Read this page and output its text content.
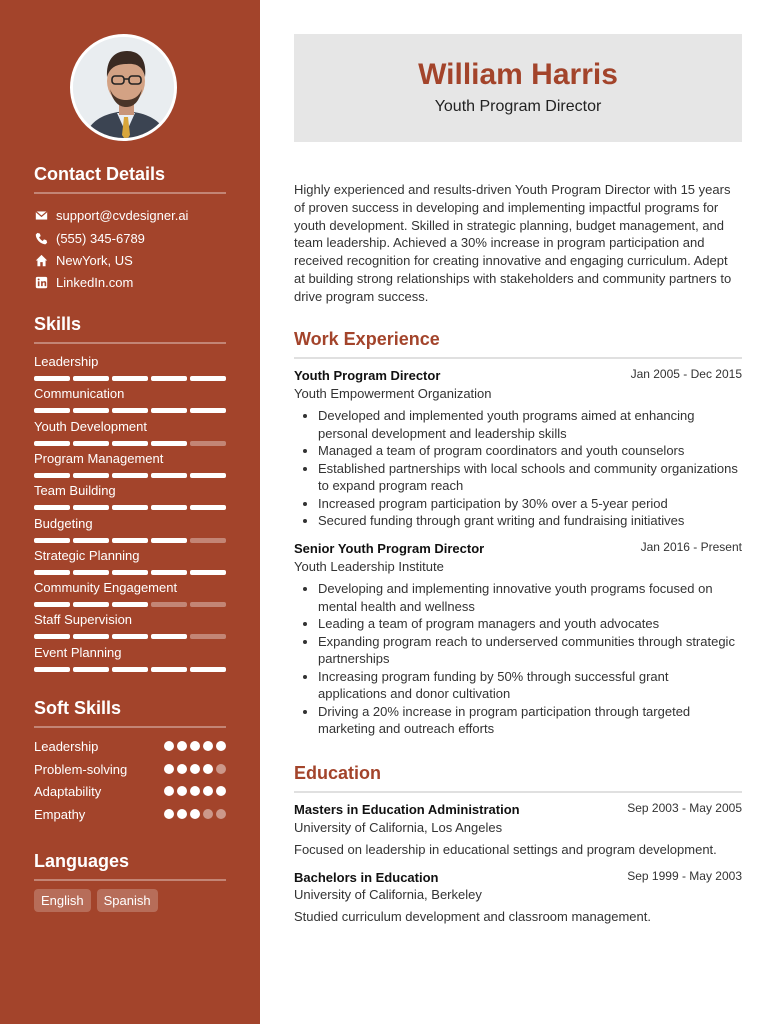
Contact Details
support@cvdesigner.ai
(555) 345-6789
NewYork, US
LinkedIn.com
Skills
Leadership
Communication
Youth Development
Program Management
Team Building
Budgeting
Strategic Planning
Community Engagement
Staff Supervision
Event Planning
Soft Skills
Leadership
Problem-solving
Adaptability
Empathy
Languages
English	Spanish
William Harris
Youth Program Director
Highly experienced and results-driven Youth Program Director with 15 years of proven success in developing and implementing impactful programs for youth development. Skilled in strategic planning, budget management, and team leadership. Achieved a 30% increase in program participation and received recognition for creating innovative and engaging curriculum. Adept at building strong relationships with stakeholders and community partners to drive program success.
Work Experience
Youth Program Director	Jan 2005 - Dec 2015
Youth Empowerment Organization
• Developed and implemented youth programs aimed at enhancing personal development and leadership skills
• Managed a team of program coordinators and youth counselors
• Established partnerships with local schools and community organizations to expand program reach
• Increased program participation by 30% over a 5-year period
• Secured funding through grant writing and fundraising initiatives
Senior Youth Program Director	Jan 2016 - Present
Youth Leadership Institute
• Developing and implementing innovative youth programs focused on mental health and wellness
• Leading a team of program managers and youth advocates
• Expanding program reach to underserved communities through strategic partnerships
• Increasing program funding by 50% through successful grant applications and donor cultivation
• Driving a 20% increase in program participation through targeted marketing and outreach efforts
Education
Masters in Education Administration	Sep 2003 - May 2005
University of California, Los Angeles
Focused on leadership in educational settings and program development.
Bachelors in Education	Sep 1999 - May 2003
University of California, Berkeley
Studied curriculum development and classroom management.
